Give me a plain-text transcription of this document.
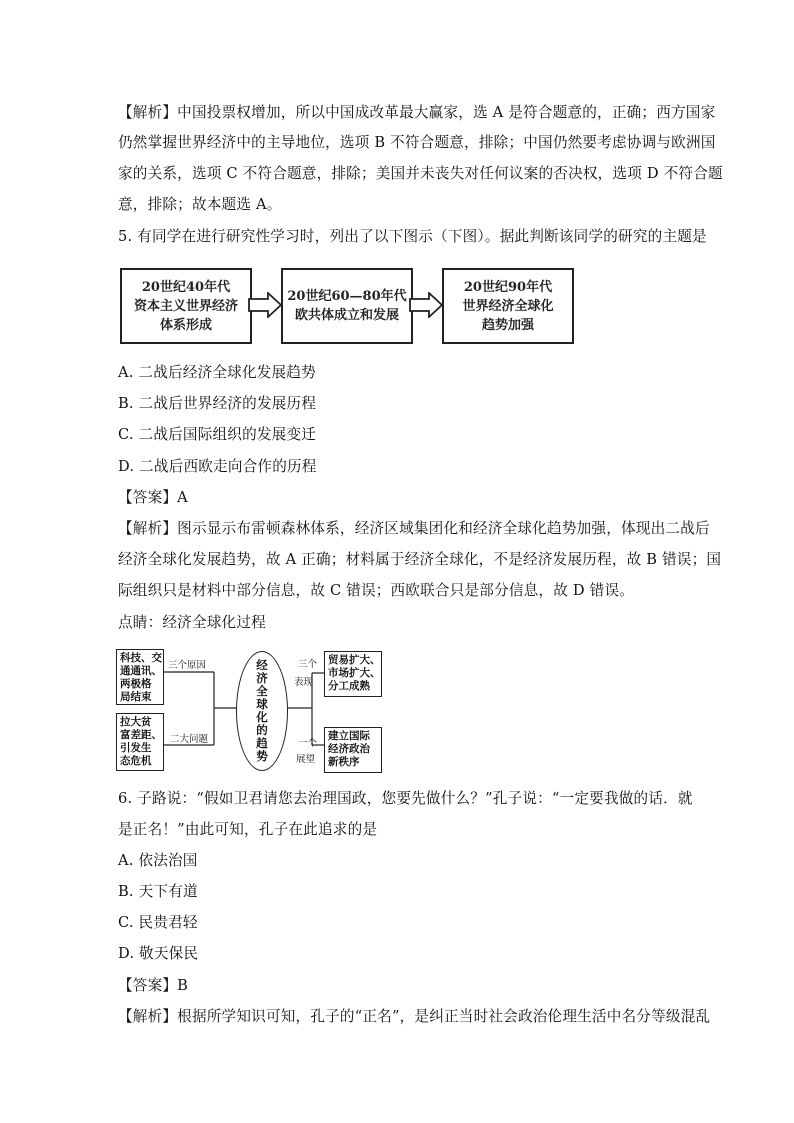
【解析】中国投票权增加，所以中国成改革最大赢家，选 A 是符合题意的，正确；西方国家
仍然掌握世界经济中的主导地位，选项 B 不符合题意，排除；中国仍然要考虑协调与欧洲国
家的关系，选项 C 不符合题意，排除；美国并未丧失对任何议案的否决权，选项 D 不符合题
意，排除；故本题选 A。
5. 有同学在进行研究性学习时，列出了以下图示（下图）。据此判断该同学的研究的主题是
20世纪40年代
资本主义世界经济
体系形成
20世纪60—80年代
欧共体成立和发展
20世纪90年代
世界经济全球化
趋势加强
A. 二战后经济全球化发展趋势
B. 二战后世界经济的发展历程
C. 二战后国际组织的发展变迁
D. 二战后西欧走向合作的历程
【答案】A
【解析】图示显示布雷顿森林体系，经济区域集团化和经济全球化趋势加强，体现出二战后
经济全球化发展趋势，故 A 正确；材料属于经济全球化，不是经济发展历程，故 B 错误；国
际组织只是材料中部分信息，故 C 错误；西欧联合只是部分信息，故 D 错误。
点睛：经济全球化过程
科技、交
通通讯、
两极格
局结束
拉大贫
富差距、
引发生
态危机
三个原因
二大问题
经
济
全
球
化
的
趋
势
三个
表现
一个
展望
贸易扩大、
市场扩大、
分工成熟
建立国际
经济政治
新秩序
6. 子路说：“假如卫君请您去治理国政，您要先做什么？”孔子说：“一定要我做的话．就
是正名！”由此可知，孔子在此追求的是
A. 依法治国
B. 天下有道
C. 民贵君轻
D. 敬天保民
【答案】B
【解析】根据所学知识可知，孔子的“正名”，是纠正当时社会政治伦理生活中名分等级混乱
